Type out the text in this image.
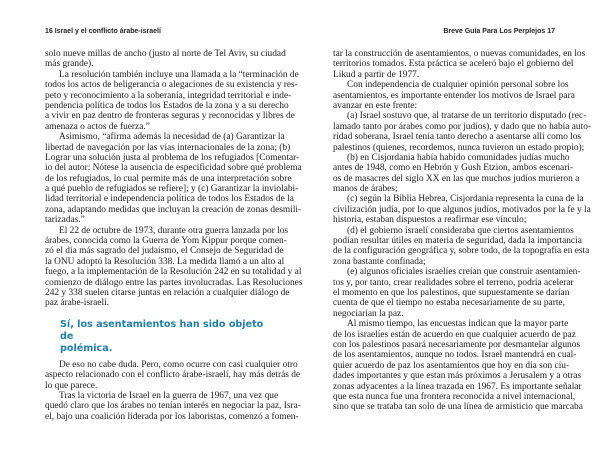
16 Israel y el conflicto árabe-israelí
solo nueve millas de ancho (justo al norte de Tel Aviv, su ciudad
más grande).
La resolución también incluye una llamada a la “terminación de
todos los actos de beligerancia o alegaciones de su existencia y res-
peto y reconocimiento a la soberanía, integridad territorial e inde-
pendencia política de todos los Estados de la zona y a su derecho
a vivir en paz dentro de fronteras seguras y reconocidas y libres de
amenaza o actos de fuerza.”
Asimismo, “afirma además la necesidad de (a) Garantizar la
libertad de navegación por las vías internacionales de la zona; (b)
Lograr una solución justa al problema de los refugiados [Comentar-
io del autor: Nótese la ausencia de especificidad sobre qué problema
de los refugiados, lo cual permite más de una interpretación sobre
a qué pueblo de refugiados se refiere]; y (c) Garantizar la inviolabi-
lidad territorial e independencia política de todos los Estados de la
zona, adaptando medidas que incluyan la creación de zonas desmili-
tarizadas.”
El 22 de octubre de 1973, durante otra guerra lanzada por los
árabes, conocida como la Guerra de Yom Kippur porque comen-
zó el día más sagrado del judaísmo, el Consejo de Seguridad de
la ONU adoptó la Resolución 338. La medida llamó a un alto al
fuego, a la implementación de la Resolución 242 en su totalidad y al
comienzo de diálogo entre las partes involucradas. Las Resoluciones
242 y 338 suelen citarse juntas en relación a cualquier diálogo de
paz árabe-israelí.
Sí, los asentamientos han sido objeto de
polémica.
De eso no cabe duda. Pero, como ocurre con casi cualquier otro
aspecto relacionado con el conflicto árabe-israelí, hay más detrás de
lo que parece.
Tras la victoria de Israel en la guerra de 1967, una vez que
quedó claro que los árabes no tenían interés en negociar la paz, Isra-
el, bajo una coalición liderada por los laboristas, comenzó a fomen-
Breve Guía Para Los Perplejos 17
tar la construcción de asentamientos, o nuevas comunidades, en los
territorios tomados. Esta práctica se aceleró bajo el gobierno del
Likud a partir de 1977.
Con independencia de cualquier opinión personal sobre los
asentamientos, es importante entender los motivos de Israel para
avanzar en este frente:
(a) Israel sostuvo que, al tratarse de un territorio disputado (rec-
lamado tanto por árabes como por judíos), y dado que no había auto-
ridad soberana, Israel tenía tanto derecho a asentarse allí como los
palestinos (quienes, recordemos, nunca tuvieron un estado propio);
(b) en Cisjordania había habido comunidades judías mucho
antes de 1948, como en Hebrón y Gush Etzion, ambos escenari-
os de masacres del siglo XX en las que muchos judíos murieron a
manos de árabes;
(c) según la Biblia Hebrea, Cisjordania representa la cuna de la
civilización judía, por lo que algunos judíos, motivados por la fe y la
historia, estaban dispuestos a reafirmar ese vínculo;
(d) el gobierno israelí consideraba que ciertos asentamientos
podían resultar útiles en materia de seguridad, dada la importancia
de la configuración geográfica y, sobre todo, de la topografía en esta
zona bastante confinada;
(e) algunos oficiales israelíes creían que construir asentamien-
tos y, por tanto, crear realidades sobre el terreno, podría acelerar
el momento en que los palestinos, que supuestamente se darían
cuenta de que el tiempo no estaba necesariamente de su parte,
negociarían la paz.
Al mismo tiempo, las encuestas indican que la mayor parte
de los israelíes están de acuerdo en que cualquier acuerdo de paz
con los palestinos pasará necesariamente por desmantelar algunos
de los asentamientos, aunque no todos. Israel mantendrá en cual-
quier acuerdo de paz los asentamientos que hoy en día son ciu-
dades importantes y que estan más próximos a Jerusalem y a otras
zonas adyacentes a la línea trazada en 1967. Es importante señalar
que esta nunca fue una frontera reconocida a nivel internacional,
sino que se trataba tan solo de una línea de armisticio que marcaba
